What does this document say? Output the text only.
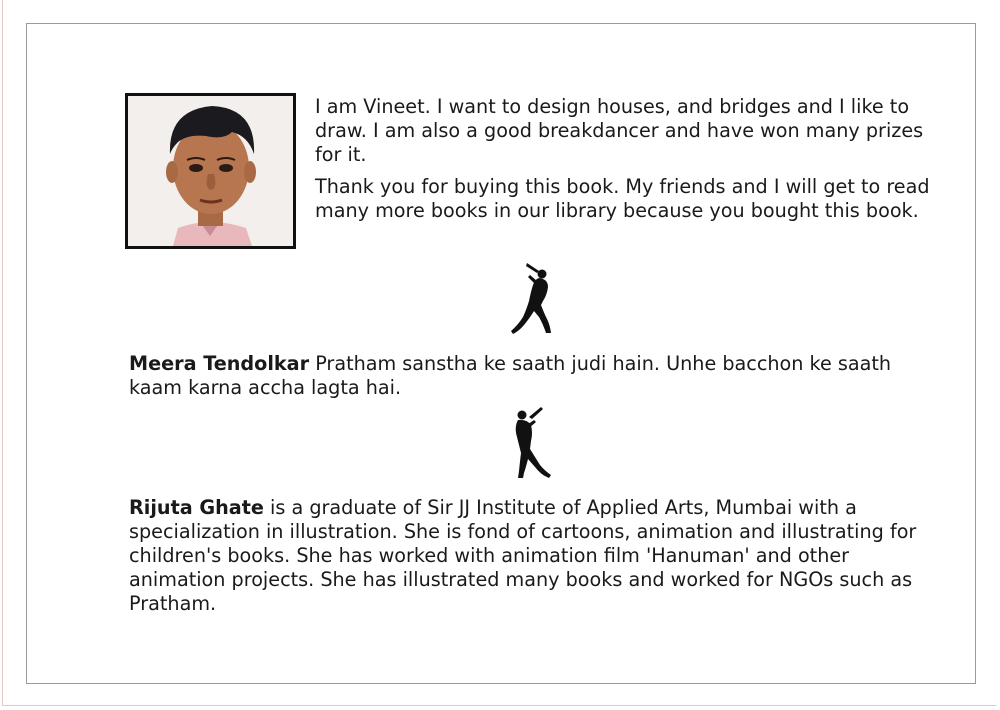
I am Vineet. I want to design houses, and bridges and I like to draw. I am also a good breakdancer and have won many prizes for it.

Thank you for buying this book. My friends and I will get to read many more books in our library because you bought this book.

Meera Tendolkar Pratham sanstha ke saath judi hain. Unhe bacchon ke saath kaam karna accha lagta hai.

Rijuta Ghate is a graduate of Sir JJ Institute of Applied Arts, Mumbai with a specialization in illustration. She is fond of cartoons, animation and illustrating for children's books. She has worked with animation film 'Hanuman' and other animation projects. She has illustrated many books and worked for NGOs such as Pratham.
